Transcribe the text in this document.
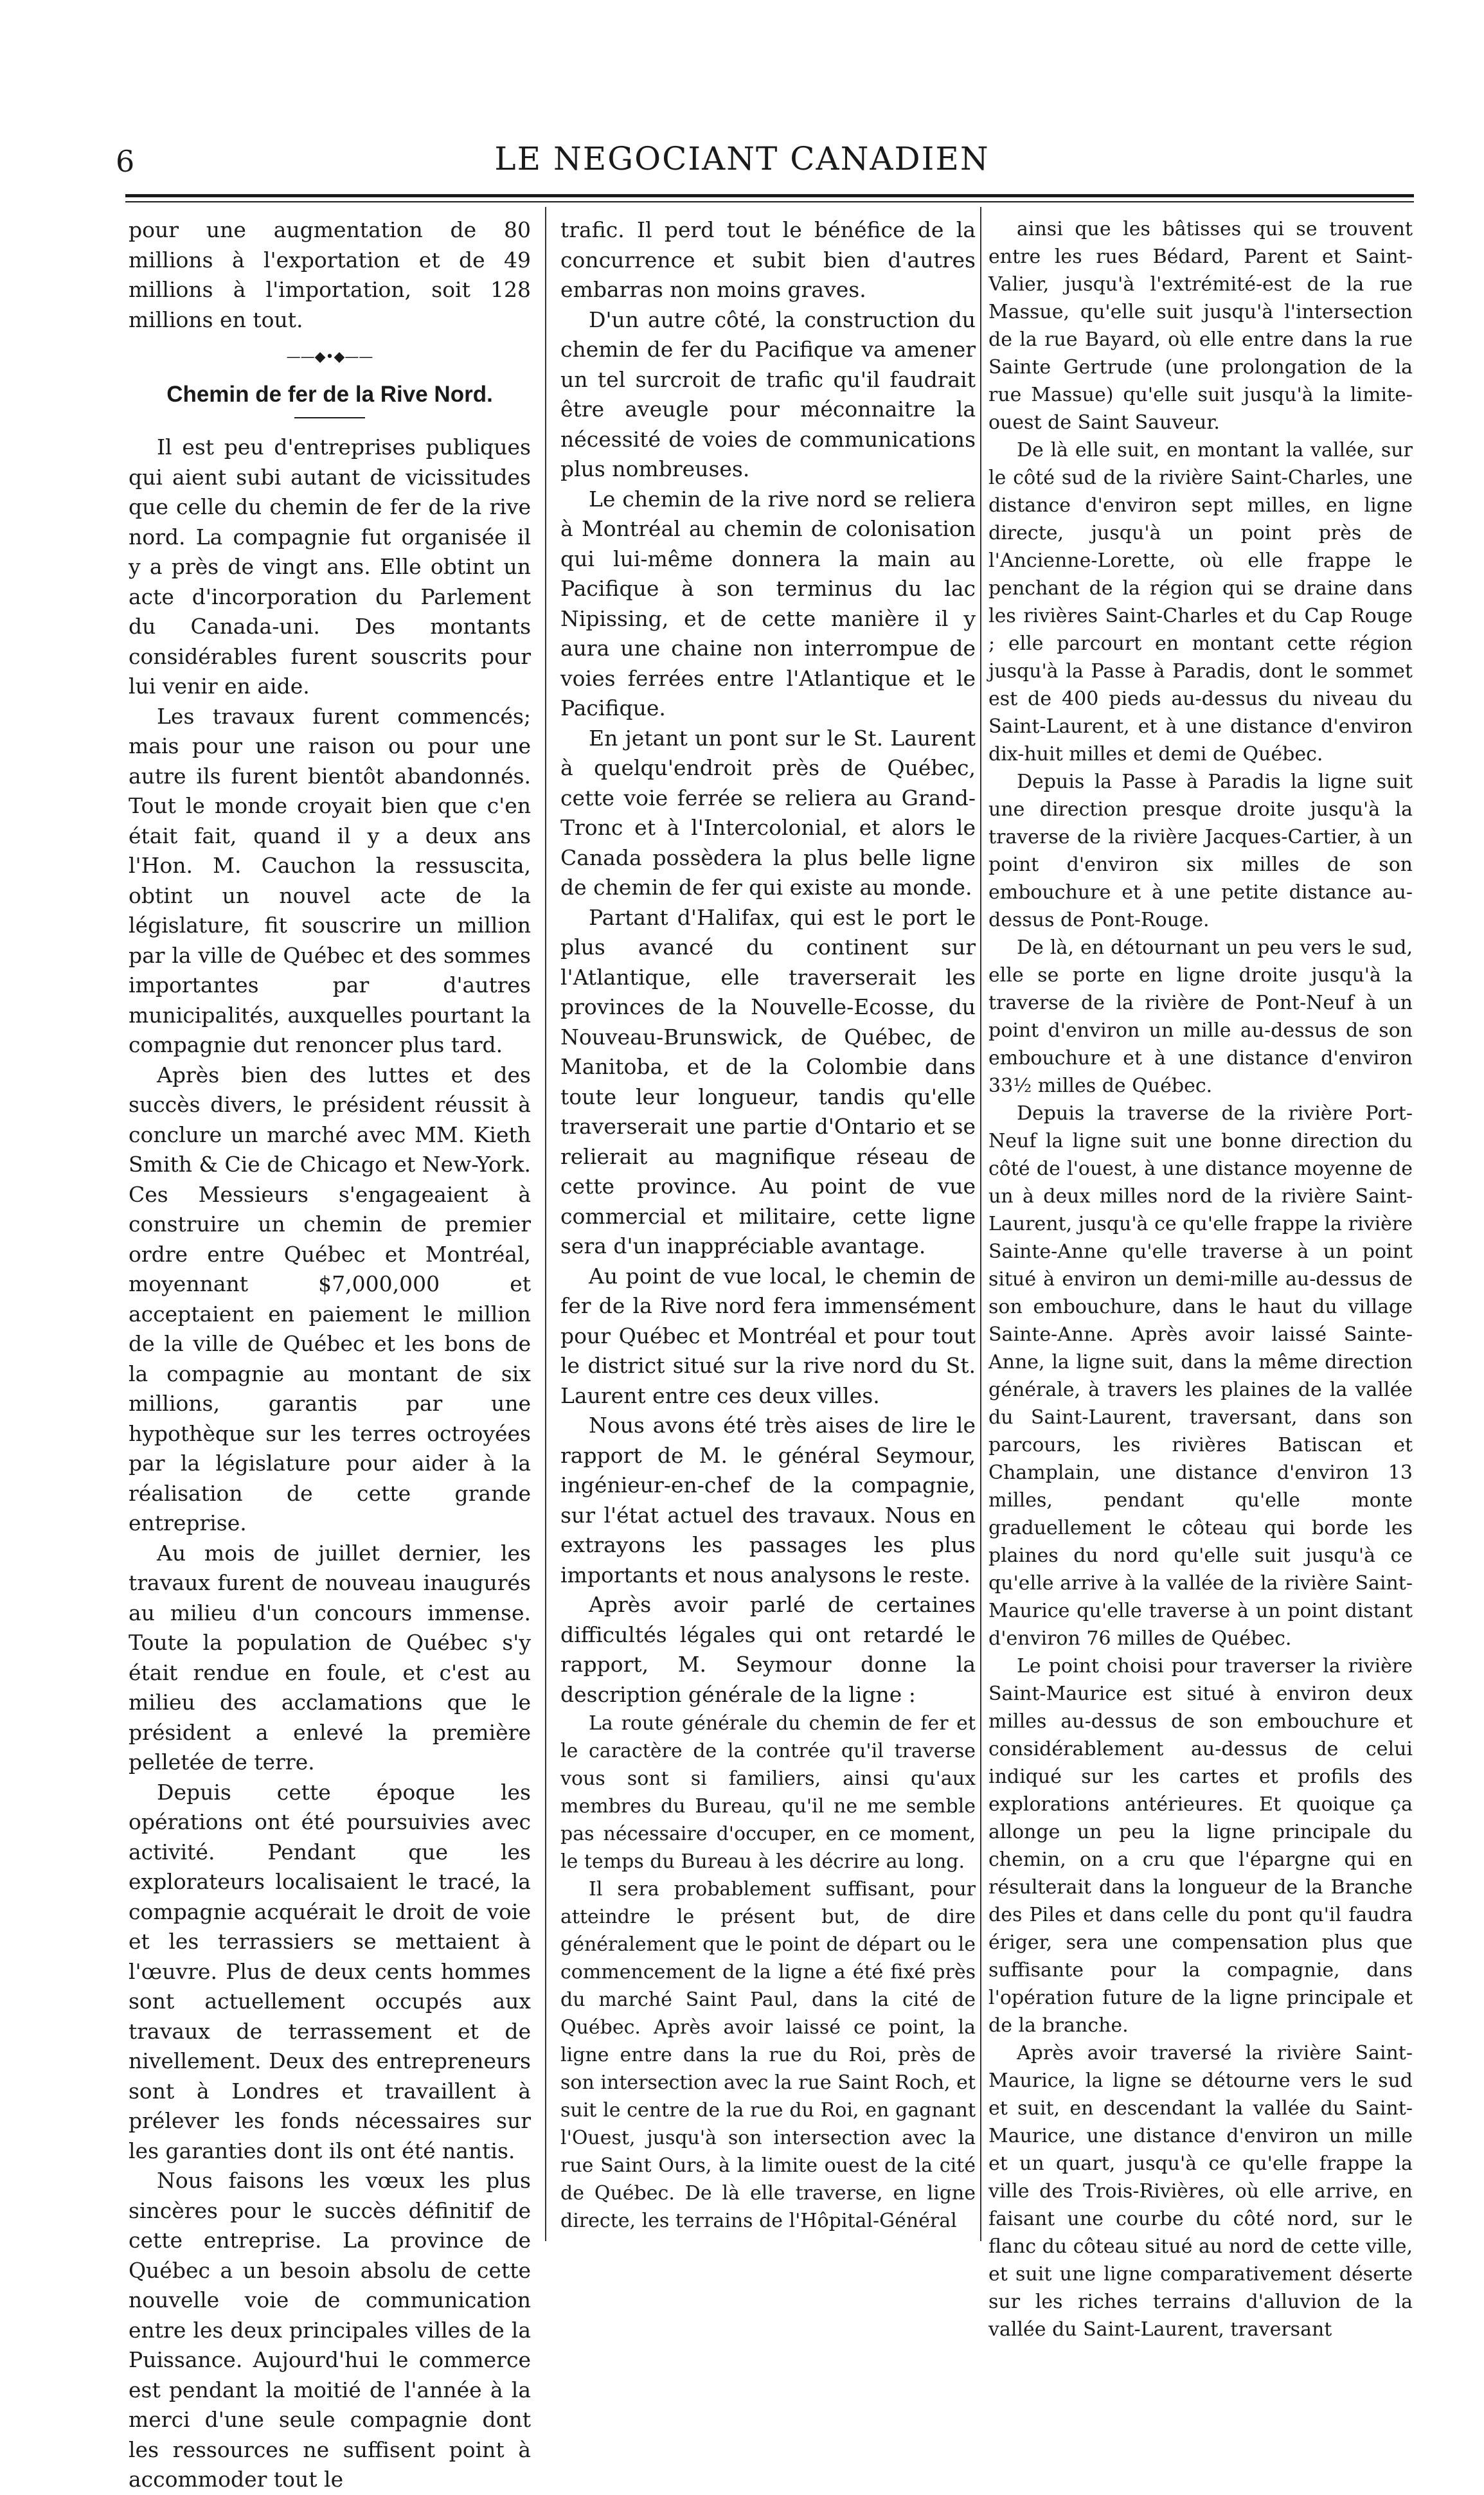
6	LE NEGOCIANT CANADIEN

pour une augmentation de 80 millions à l'exportation et de 49 millions à l'importation, soit 128 millions en tout.

——◆•◆——
Chemin de fer de la Rive Nord.

Il est peu d'entreprises publiques qui aient subi autant de vicissitudes que celle du chemin de fer de la rive nord. La compagnie fut organisée il y a près de vingt ans. Elle obtint un acte d'incorporation du Parlement du Canada-uni. Des montants considérables furent souscrits pour lui venir en aide.

Les travaux furent commencés; mais pour une raison ou pour une autre ils furent bientôt abandonnés. Tout le monde croyait bien que c'en était fait, quand il y a deux ans l'Hon. M. Cauchon la ressuscita, obtint un nouvel acte de la législature, fit souscrire un million par la ville de Québec et des sommes importantes par d'autres municipalités, auxquelles pourtant la compagnie dut renoncer plus tard.

Après bien des luttes et des succès divers, le président réussit à conclure un marché avec MM. Kieth Smith & Cie de Chicago et New-York. Ces Messieurs s'engageaient à construire un chemin de premier ordre entre Québec et Montréal, moyennant $7,000,000 et acceptaient en paiement le million de la ville de Québec et les bons de la compagnie au montant de six millions, garantis par une hypothèque sur les terres octroyées par la législature pour aider à la réalisation de cette grande entreprise.

Au mois de juillet dernier, les travaux furent de nouveau inaugurés au milieu d'un concours immense. Toute la population de Québec s'y était rendue en foule, et c'est au milieu des acclamations que le président a enlevé la première pelletée de terre.

Depuis cette époque les opérations ont été poursuivies avec activité. Pendant que les explorateurs localisaient le tracé, la compagnie acquérait le droit de voie et les terrassiers se mettaient à l'œuvre. Plus de deux cents hommes sont actuellement occupés aux travaux de terrassement et de nivellement. Deux des entrepreneurs sont à Londres et travaillent à prélever les fonds nécessaires sur les garanties dont ils ont été nantis.

Nous faisons les vœux les plus sincères pour le succès définitif de cette entreprise. La province de Québec a un besoin absolu de cette nouvelle voie de communication entre les deux principales villes de la Puissance. Aujourd'hui le commerce est pendant la moitié de l'année à la merci d'une seule compagnie dont les ressources ne suffisent point à accommoder tout le

trafic. Il perd tout le bénéfice de la concurrence et subit bien d'autres embarras non moins graves.

D'un autre côté, la construction du chemin de fer du Pacifique va amener un tel surcroit de trafic qu'il faudrait être aveugle pour méconnaitre la nécessité de voies de communications plus nombreuses.

Le chemin de la rive nord se reliera à Montréal au chemin de colonisation qui lui-même donnera la main au Pacifique à son terminus du lac Nipissing, et de cette manière il y aura une chaine non interrompue de voies ferrées entre l'Atlantique et le Pacifique.

En jetant un pont sur le St. Laurent à quelqu'endroit près de Québec, cette voie ferrée se reliera au Grand-Tronc et à l'Intercolonial, et alors le Canada possèdera la plus belle ligne de chemin de fer qui existe au monde.

Partant d'Halifax, qui est le port le plus avancé du continent sur l'Atlantique, elle traverserait les provinces de la Nouvelle-Ecosse, du Nouveau-Brunswick, de Québec, de Manitoba, et de la Colombie dans toute leur longueur, tandis qu'elle traverserait une partie d'Ontario et se relierait au magnifique réseau de cette province. Au point de vue commercial et militaire, cette ligne sera d'un inappréciable avantage.

Au point de vue local, le chemin de fer de la Rive nord fera immensément pour Québec et Montréal et pour tout le district situé sur la rive nord du St. Laurent entre ces deux villes.

Nous avons été très aises de lire le rapport de M. le général Seymour, ingénieur-en-chef de la compagnie, sur l'état actuel des travaux. Nous en extrayons les passages les plus importants et nous analysons le reste.

Après avoir parlé de certaines difficultés légales qui ont retardé le rapport, M. Seymour donne la description générale de la ligne :

La route générale du chemin de fer et le caractère de la contrée qu'il traverse vous sont si familiers, ainsi qu'aux membres du Bureau, qu'il ne me semble pas nécessaire d'occuper, en ce moment, le temps du Bureau à les décrire au long.

Il sera probablement suffisant, pour atteindre le présent but, de dire généralement que le point de départ ou le commencement de la ligne a été fixé près du marché Saint Paul, dans la cité de Québec. Après avoir laissé ce point, la ligne entre dans la rue du Roi, près de son intersection avec la rue Saint Roch, et suit le centre de la rue du Roi, en gagnant l'Ouest, jusqu'à son intersection avec la rue Saint Ours, à la limite ouest de la cité de Québec. De là elle traverse, en ligne directe, les terrains de l'Hôpital-Général

ainsi que les bâtisses qui se trouvent entre les rues Bédard, Parent et Saint-Valier, jusqu'à l'extrémité-est de la rue Massue, qu'elle suit jusqu'à l'intersection de la rue Bayard, où elle entre dans la rue Sainte Gertrude (une prolongation de la rue Massue) qu'elle suit jusqu'à la limite-ouest de Saint Sauveur.

De là elle suit, en montant la vallée, sur le côté sud de la rivière Saint-Charles, une distance d'environ sept milles, en ligne directe, jusqu'à un point près de l'Ancienne-Lorette, où elle frappe le penchant de la région qui se draine dans les rivières Saint-Charles et du Cap Rouge ; elle parcourt en montant cette région jusqu'à la Passe à Paradis, dont le sommet est de 400 pieds au-dessus du niveau du Saint-Laurent, et à une distance d'environ dix-huit milles et demi de Québec.

Depuis la Passe à Paradis la ligne suit une direction presque droite jusqu'à la traverse de la rivière Jacques-Cartier, à un point d'environ six milles de son embouchure et à une petite distance au-dessus de Pont-Rouge.

De là, en détournant un peu vers le sud, elle se porte en ligne droite jusqu'à la traverse de la rivière de Pont-Neuf à un point d'environ un mille au-dessus de son embouchure et à une distance d'environ 33½ milles de Québec.

Depuis la traverse de la rivière Port-Neuf la ligne suit une bonne direction du côté de l'ouest, à une distance moyenne de un à deux milles nord de la rivière Saint-Laurent, jusqu'à ce qu'elle frappe la rivière Sainte-Anne qu'elle traverse à un point situé à environ un demi-mille au-dessus de son embouchure, dans le haut du village Sainte-Anne. Après avoir laissé Sainte-Anne, la ligne suit, dans la même direction générale, à travers les plaines de la vallée du Saint-Laurent, traversant, dans son parcours, les rivières Batiscan et Champlain, une distance d'environ 13 milles, pendant qu'elle monte graduellement le côteau qui borde les plaines du nord qu'elle suit jusqu'à ce qu'elle arrive à la vallée de la rivière Saint-Maurice qu'elle traverse à un point distant d'environ 76 milles de Québec.

Le point choisi pour traverser la rivière Saint-Maurice est situé à environ deux milles au-dessus de son embouchure et considérablement au-dessus de celui indiqué sur les cartes et profils des explorations antérieures. Et quoique ça allonge un peu la ligne principale du chemin, on a cru que l'épargne qui en résulterait dans la longueur de la Branche des Piles et dans celle du pont qu'il faudra ériger, sera une compensation plus que suffisante pour la compagnie, dans l'opération future de la ligne principale et de la branche.

Après avoir traversé la rivière Saint-Maurice, la ligne se détourne vers le sud et suit, en descendant la vallée du Saint-Maurice, une distance d'environ un mille et un quart, jusqu'à ce qu'elle frappe la ville des Trois-Rivières, où elle arrive, en faisant une courbe du côté nord, sur le flanc du côteau situé au nord de cette ville, et suit une ligne comparativement déserte sur les riches terrains d'alluvion de la vallée du Saint-Laurent, traversant
